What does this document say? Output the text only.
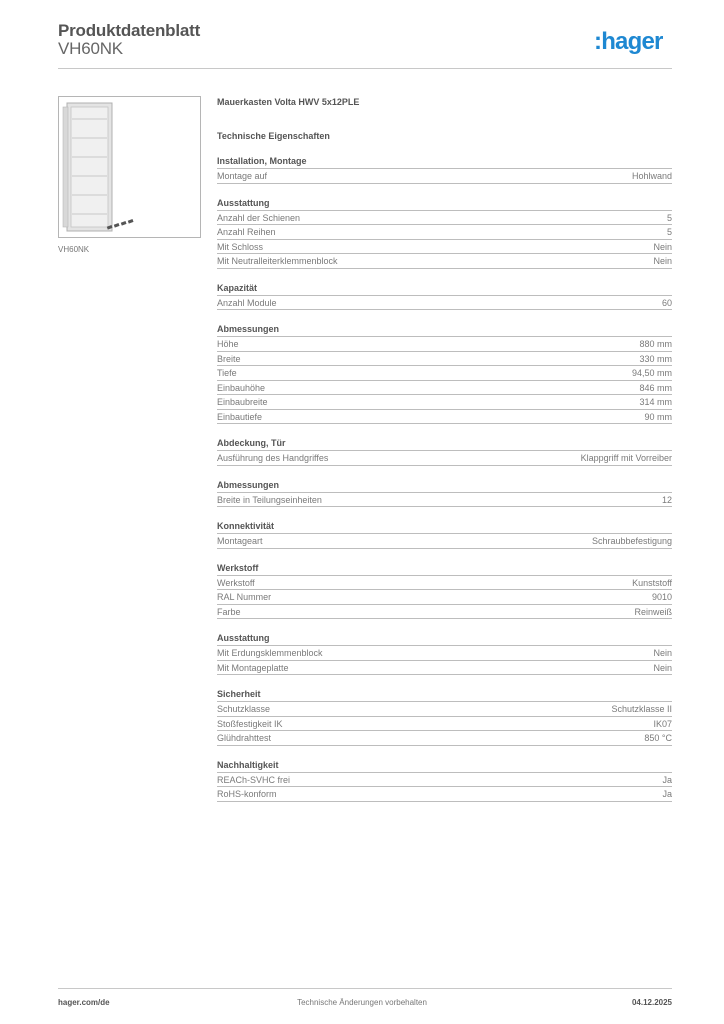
Produktdatenblatt
VH60NK	:hager
VH60NK
Mauerkasten Volta HWV 5x12PLE
Technische Eigenschaften
Installation, Montage
Montage auf	Hohlwand
Ausstattung
Anzahl der Schienen	5
Anzahl Reihen	5
Mit Schloss	Nein
Mit Neutralleiterklemmenblock	Nein
Kapazität
Anzahl Module	60
Abmessungen
Höhe	880 mm
Breite	330 mm
Tiefe	94,50 mm
Einbauhöhe	846 mm
Einbaubreite	314 mm
Einbautiefe	90 mm
Abdeckung, Tür
Ausführung des Handgriffes	Klappgriff mit Vorreiber
Abmessungen
Breite in Teilungseinheiten	12
Konnektivität
Montageart	Schraubbefestigung
Werkstoff
Werkstoff	Kunststoff
RAL Nummer	9010
Farbe	Reinweiß
Ausstattung
Mit Erdungsklemmenblock	Nein
Mit Montageplatte	Nein
Sicherheit
Schutzklasse	Schutzklasse II
Stoßfestigkeit IK	IK07
Glühdrahttest	850 °C
Nachhaltigkeit
REACh-SVHC frei	Ja
RoHS-konform	Ja
hager.com/de	Technische Änderungen vorbehalten	04.12.2025
